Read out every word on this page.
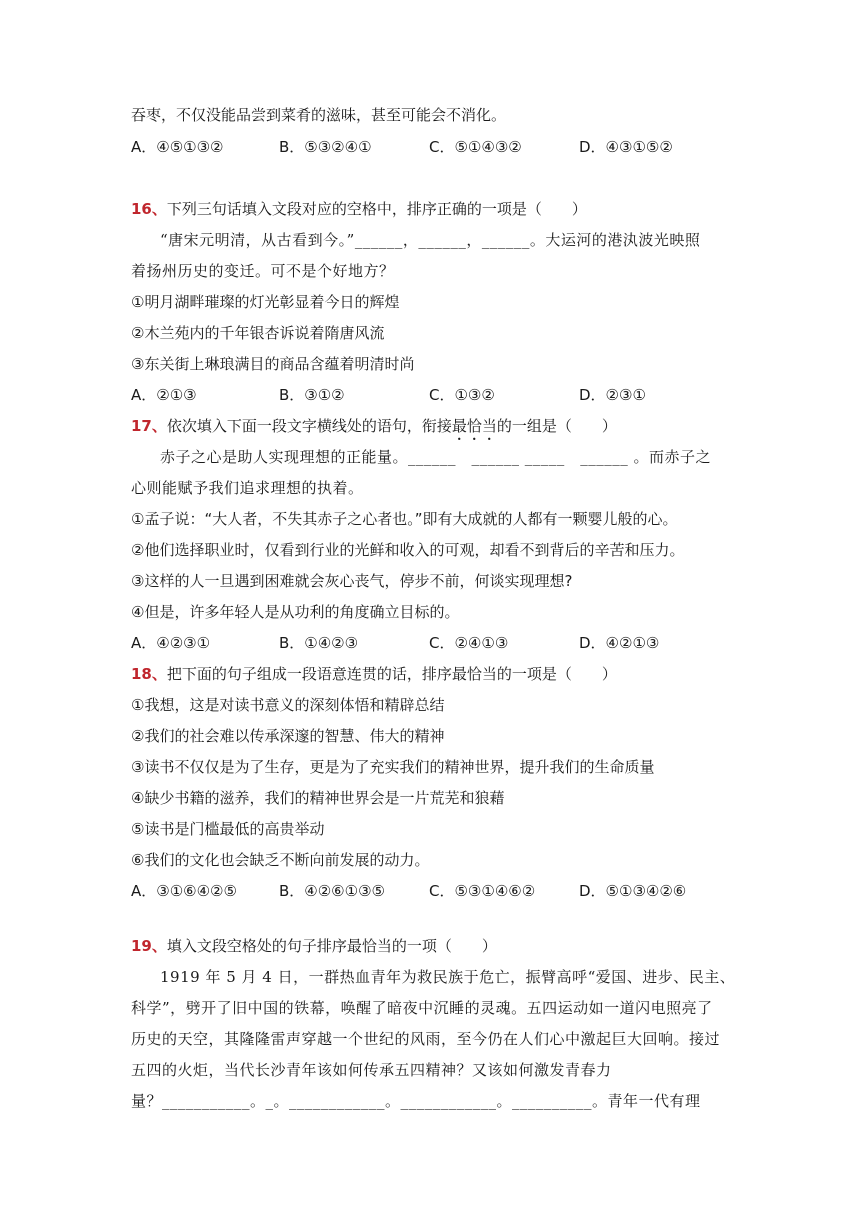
吞枣，不仅没能品尝到菜肴的滋味，甚至可能会不消化。
A．④⑤①③②	B．⑤③②④①	C．⑤①④③②	D．④③①⑤②
16、下列三句话填入文段对应的空格中，排序正确的一项是（　　）
“唐宋元明清，从古看到今。”______，______，______。大运河的港汍波光映照
着扬州历史的变迁。可不是个好地方？
①明月湖畔璀璨的灯光彰显着今日的辉煌
②木兰苑内的千年银杏诉说着隋唐风流
③东关街上琳琅满目的商品含蕴着明清时尚
A．②①③	B．③①②	C．①③②	D．②③①
17、依次填入下面一段文字横线处的语句，衔接最恰当的一组是（　　）
赤子之心是助人实现理想的正能量。______　______ _____　______ 。而赤子之
心则能赋予我们追求理想的执着。
①孟子说：“大人者，不失其赤子之心者也。”即有大成就的人都有一颗婴儿般的心。
②他们选择职业时，仅看到行业的光鲜和收入的可观，却看不到背后的辛苦和压力。
③这样的人一旦遇到困难就会灰心丧气，停步不前，何谈实现理想?
④但是，许多年轻人是从功利的角度确立目标的。
A．④②③①	B．①④②③	C．②④①③	D．④②①③
18、把下面的句子组成一段语意连贯的话，排序最恰当的一项是（　　）
①我想，这是对读书意义的深刻体悟和精辟总结
②我们的社会难以传承深邃的智慧、伟大的精神
③读书不仅仅是为了生存，更是为了充实我们的精神世界，提升我们的生命质量
④缺少书籍的滋养，我们的精神世界会是一片荒芜和狼藉
⑤读书是门槛最低的高贵举动
⑥我们的文化也会缺乏不断向前发展的动力。
A．③①⑥④②⑤	B．④②⑥①③⑤	C．⑤③①④⑥②	D．⑤①③④②⑥
19、填入文段空格处的句子排序最恰当的一项（　　）
1919 年 5 月 4 日，一群热血青年为救民族于危亡，振臂高呼“爱国、进步、民主、
科学”，劈开了旧中国的铁幕，唤醒了暗夜中沉睡的灵魂。五四运动如一道闪电照亮了
历史的天空，其隆隆雷声穿越一个世纪的风雨，至今仍在人们心中激起巨大回响。接过
五四的火炬，当代长沙青年该如何传承五四精神？又该如何激发青春力
量？___________。_。____________。____________。__________。青年一代有理
